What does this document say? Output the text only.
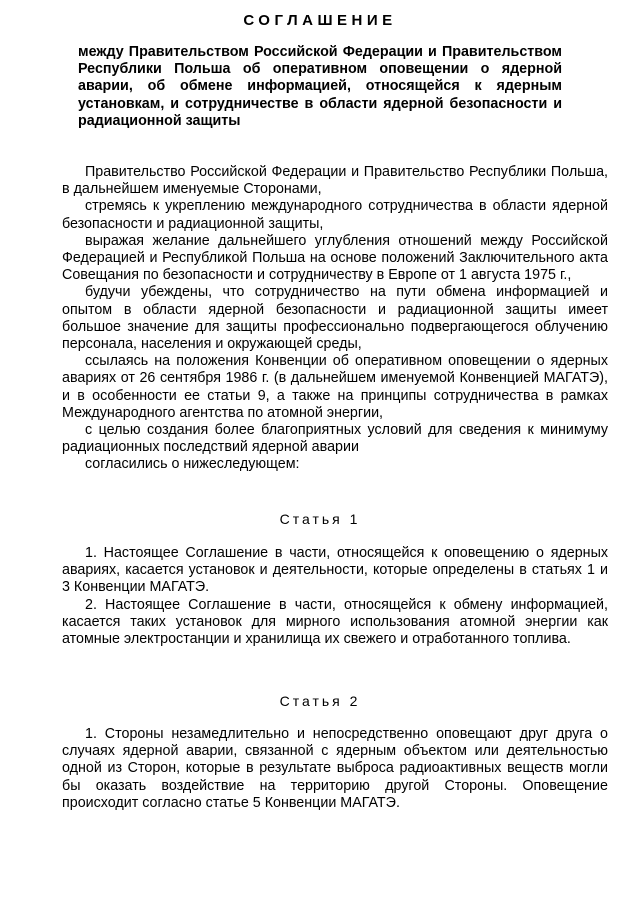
СОГЛАШЕНИЕ
между Правительством Российской Федерации и Правительством Республики Польша об оперативном оповещении о ядерной аварии, об обмене информацией, относящейся к ядерным установкам, и сотрудничестве в области ядерной безопасности и радиационной защиты

Правительство Российской Федерации и Правительство Республики Польша, в дальнейшем именуемые Сторонами,

стремясь к укреплению международного сотрудничества в области ядерной безопасности и радиационной защиты,

выражая желание дальнейшего углубления отношений между Российской Федерацией и Республикой Польша на основе положений Заключительного акта Совещания по безопасности и сотрудничеству в Европе от 1 августа 1975 г.,

будучи убеждены, что сотрудничество на пути обмена информацией и опытом в области ядерной безопасности и радиационной защиты имеет большое значение для защиты профессионально подвергающегося облучению персонала, населения и окружающей среды,

ссылаясь на положения Конвенции об оперативном оповещении о ядерных авариях от 26 сентября 1986 г. (в дальнейшем именуемой Конвенцией МАГАТЭ), и в особенности ее статьи 9, а также на принципы сотрудничества в рамках Международного агентства по атомной энергии,

с целью создания более благоприятных условий для сведения к минимуму радиационных последствий ядерной аварии

согласились о нижеследующем:

Статья 1

1. Настоящее Соглашение в части, относящейся к оповещению о ядерных авариях, касается установок и деятельности, которые определены в статьях 1 и 3 Конвенции МАГАТЭ.

2. Настоящее Соглашение в части, относящейся к обмену информацией, касается таких установок для мирного использования атомной энергии как атомные электростанции и хранилища их свежего и отработанного топлива.

Статья 2

1. Стороны незамедлительно и непосредственно оповещают друг друга о случаях ядерной аварии, связанной с ядерным объектом или деятельностью одной из Сторон, которые в результате выброса радиоактивных веществ могли бы оказать воздействие на территорию другой Стороны. Оповещение происходит согласно статье 5 Конвенции МАГАТЭ.
